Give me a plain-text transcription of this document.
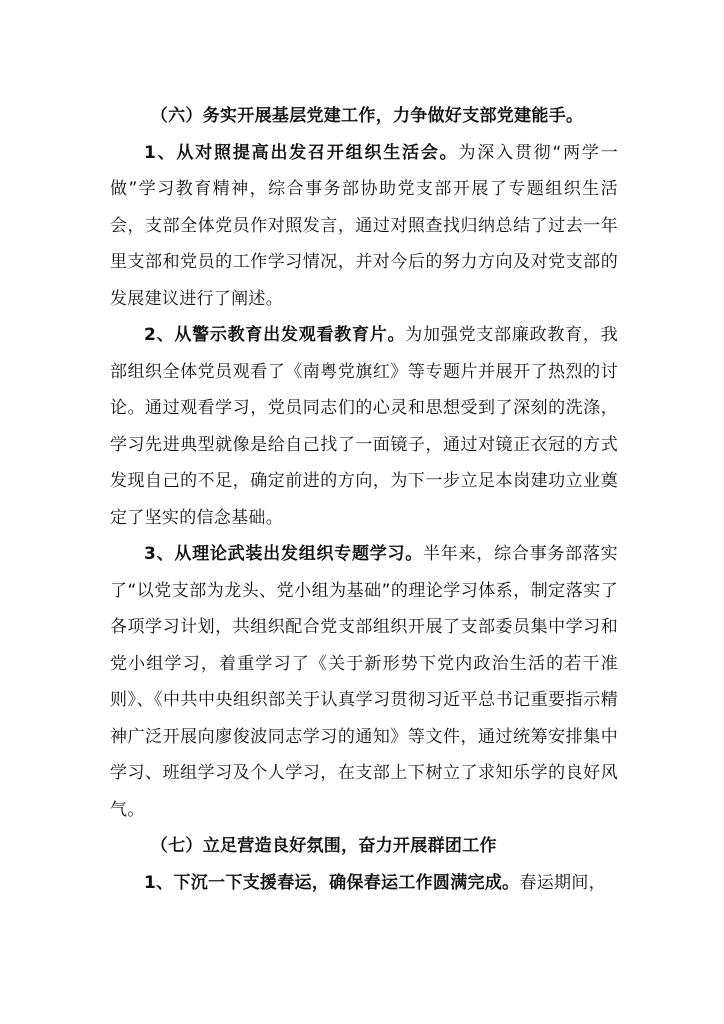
（六）务实开展基层党建工作，力争做好支部党建能手。

1、从对照提高出发召开组织生活会。为深入贯彻“两学一做”学习教育精神，综合事务部协助党支部开展了专题组织生活会，支部全体党员作对照发言，通过对照查找归纳总结了过去一年里支部和党员的工作学习情况，并对今后的努力方向及对党支部的发展建议进行了阐述。

2、从警示教育出发观看教育片。为加强党支部廉政教育，我部组织全体党员观看了《南粤党旗红》等专题片并展开了热烈的讨论。通过观看学习，党员同志们的心灵和思想受到了深刻的洗涤，学习先进典型就像是给自己找了一面镜子，通过对镜正衣冠的方式发现自己的不足，确定前进的方向，为下一步立足本岗建功立业奠定了坚实的信念基础。

3、从理论武装出发组织专题学习。半年来，综合事务部落实了“以党支部为龙头、党小组为基础”的理论学习体系，制定落实了各项学习计划，共组织配合党支部组织开展了支部委员集中学习和党小组学习，着重学习了《关于新形势下党内政治生活的若干准则》、《中共中央组织部关于认真学习贯彻习近平总书记重要指示精神广泛开展向廖俊波同志学习的通知》等文件，通过统筹安排集中学习、班组学习及个人学习，在支部上下树立了求知乐学的良好风气。

（七）立足营造良好氛围，奋力开展群团工作

1、下沉一下支援春运，确保春运工作圆满完成。春运期间，
